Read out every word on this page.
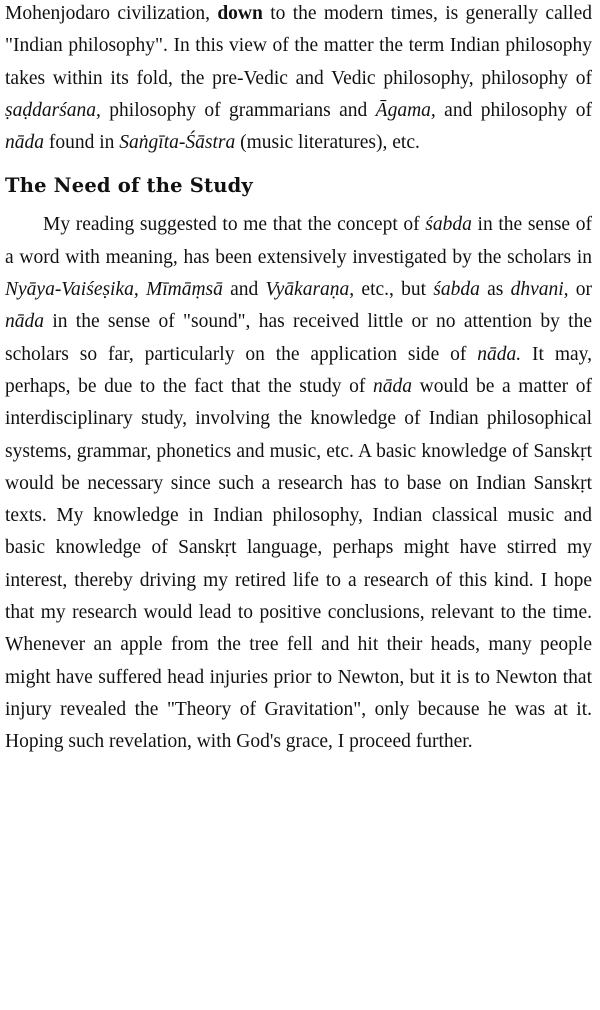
Mohenjodaro civilization, down to the modern times, is generally called "Indian philosophy". In this view of the matter the term Indian philosophy takes within its fold, the pre-Vedic and Vedic philosophy, philosophy of ṣaḍdarśana, philosophy of grammarians and Āgama, and philosophy of nāda found in Saṅgīta-Śāstra (music literatures), etc.

The Need of the Study

My reading suggested to me that the concept of śabda in the sense of a word with meaning, has been extensively investigated by the scholars in Nyāya-Vaiśeṣika, Mīmāṃsā and Vyākaraṇa, etc., but śabda as dhvani, or nāda in the sense of "sound", has received little or no attention by the scholars so far, particularly on the application side of nāda. It may, perhaps, be due to the fact that the study of nāda would be a matter of interdisciplinary study, involving the knowledge of Indian philosophical systems, grammar, phonetics and music, etc. A basic knowledge of Sanskṛt would be necessary since such a research has to base on Indian Sanskṛt texts. My knowledge in Indian philosophy, Indian classical music and basic knowledge of Sanskṛt language, perhaps might have stirred my interest, thereby driving my retired life to a research of this kind. I hope that my research would lead to positive conclusions, relevant to the time. Whenever an apple from the tree fell and hit their heads, many people might have suffered head injuries prior to Newton, but it is to Newton that injury revealed the "Theory of Gravitation", only because he was at it. Hoping such revelation, with God's grace, I proceed further.
